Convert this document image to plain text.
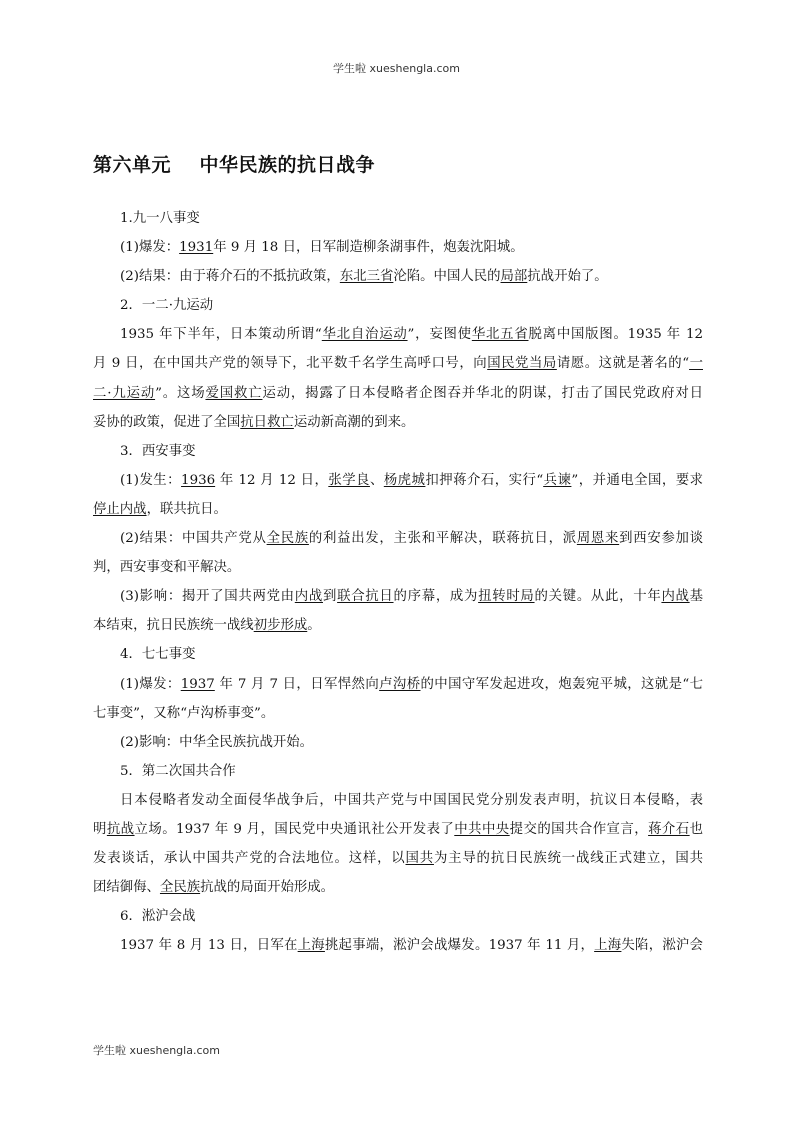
学生啦 xueshengla.com
第六单元    中华民族的抗日战争
1.九一八事变
(1)爆发：1931年 9 月 18 日，日军制造柳条湖事件，炮轰沈阳城。
(2)结果：由于蒋介石的不抵抗政策，东北三省沦陷。中国人民的局部抗战开始了。
2．一二·九运动
1935 年下半年，日本策动所谓“华北自治运动”，妄图使华北五省脱离中国版图。1935 年 12
月 9 日，在中国共产党的领导下，北平数千名学生高呼口号，向国民党当局请愿。这就是著名的“一
二·九运动”。这场爱国救亡运动，揭露了日本侵略者企图吞并华北的阴谋，打击了国民党政府对日
妥协的政策，促进了全国抗日救亡运动新高潮的到来。
3．西安事变
(1)发生：1936 年 12 月 12 日，张学良、杨虎城扣押蒋介石，实行“兵谏”，并通电全国，要求
停止内战，联共抗日。
(2)结果：中国共产党从全民族的利益出发，主张和平解决，联蒋抗日，派周恩来到西安参加谈
判，西安事变和平解决。
(3)影响：揭开了国共两党由内战到联合抗日的序幕，成为扭转时局的关键。从此，十年内战基
本结束，抗日民族统一战线初步形成。
4．七七事变
(1)爆发：1937 年 7 月 7 日，日军悍然向卢沟桥的中国守军发起进攻，炮轰宛平城，这就是“七
七事变”，又称“卢沟桥事变”。
(2)影响：中华全民族抗战开始。
5．第二次国共合作
日本侵略者发动全面侵华战争后，中国共产党与中国国民党分别发表声明，抗议日本侵略，表
明抗战立场。1937 年 9 月，国民党中央通讯社公开发表了中共中央提交的国共合作宣言，蒋介石也
发表谈话，承认中国共产党的合法地位。这样，以国共为主导的抗日民族统一战线正式建立，国共
团结御侮、全民族抗战的局面开始形成。
6．淞沪会战
1937 年 8 月 13 日，日军在上海挑起事端，淞沪会战爆发。1937 年 11 月，上海失陷，淞沪会
学生啦 xueshengla.com
